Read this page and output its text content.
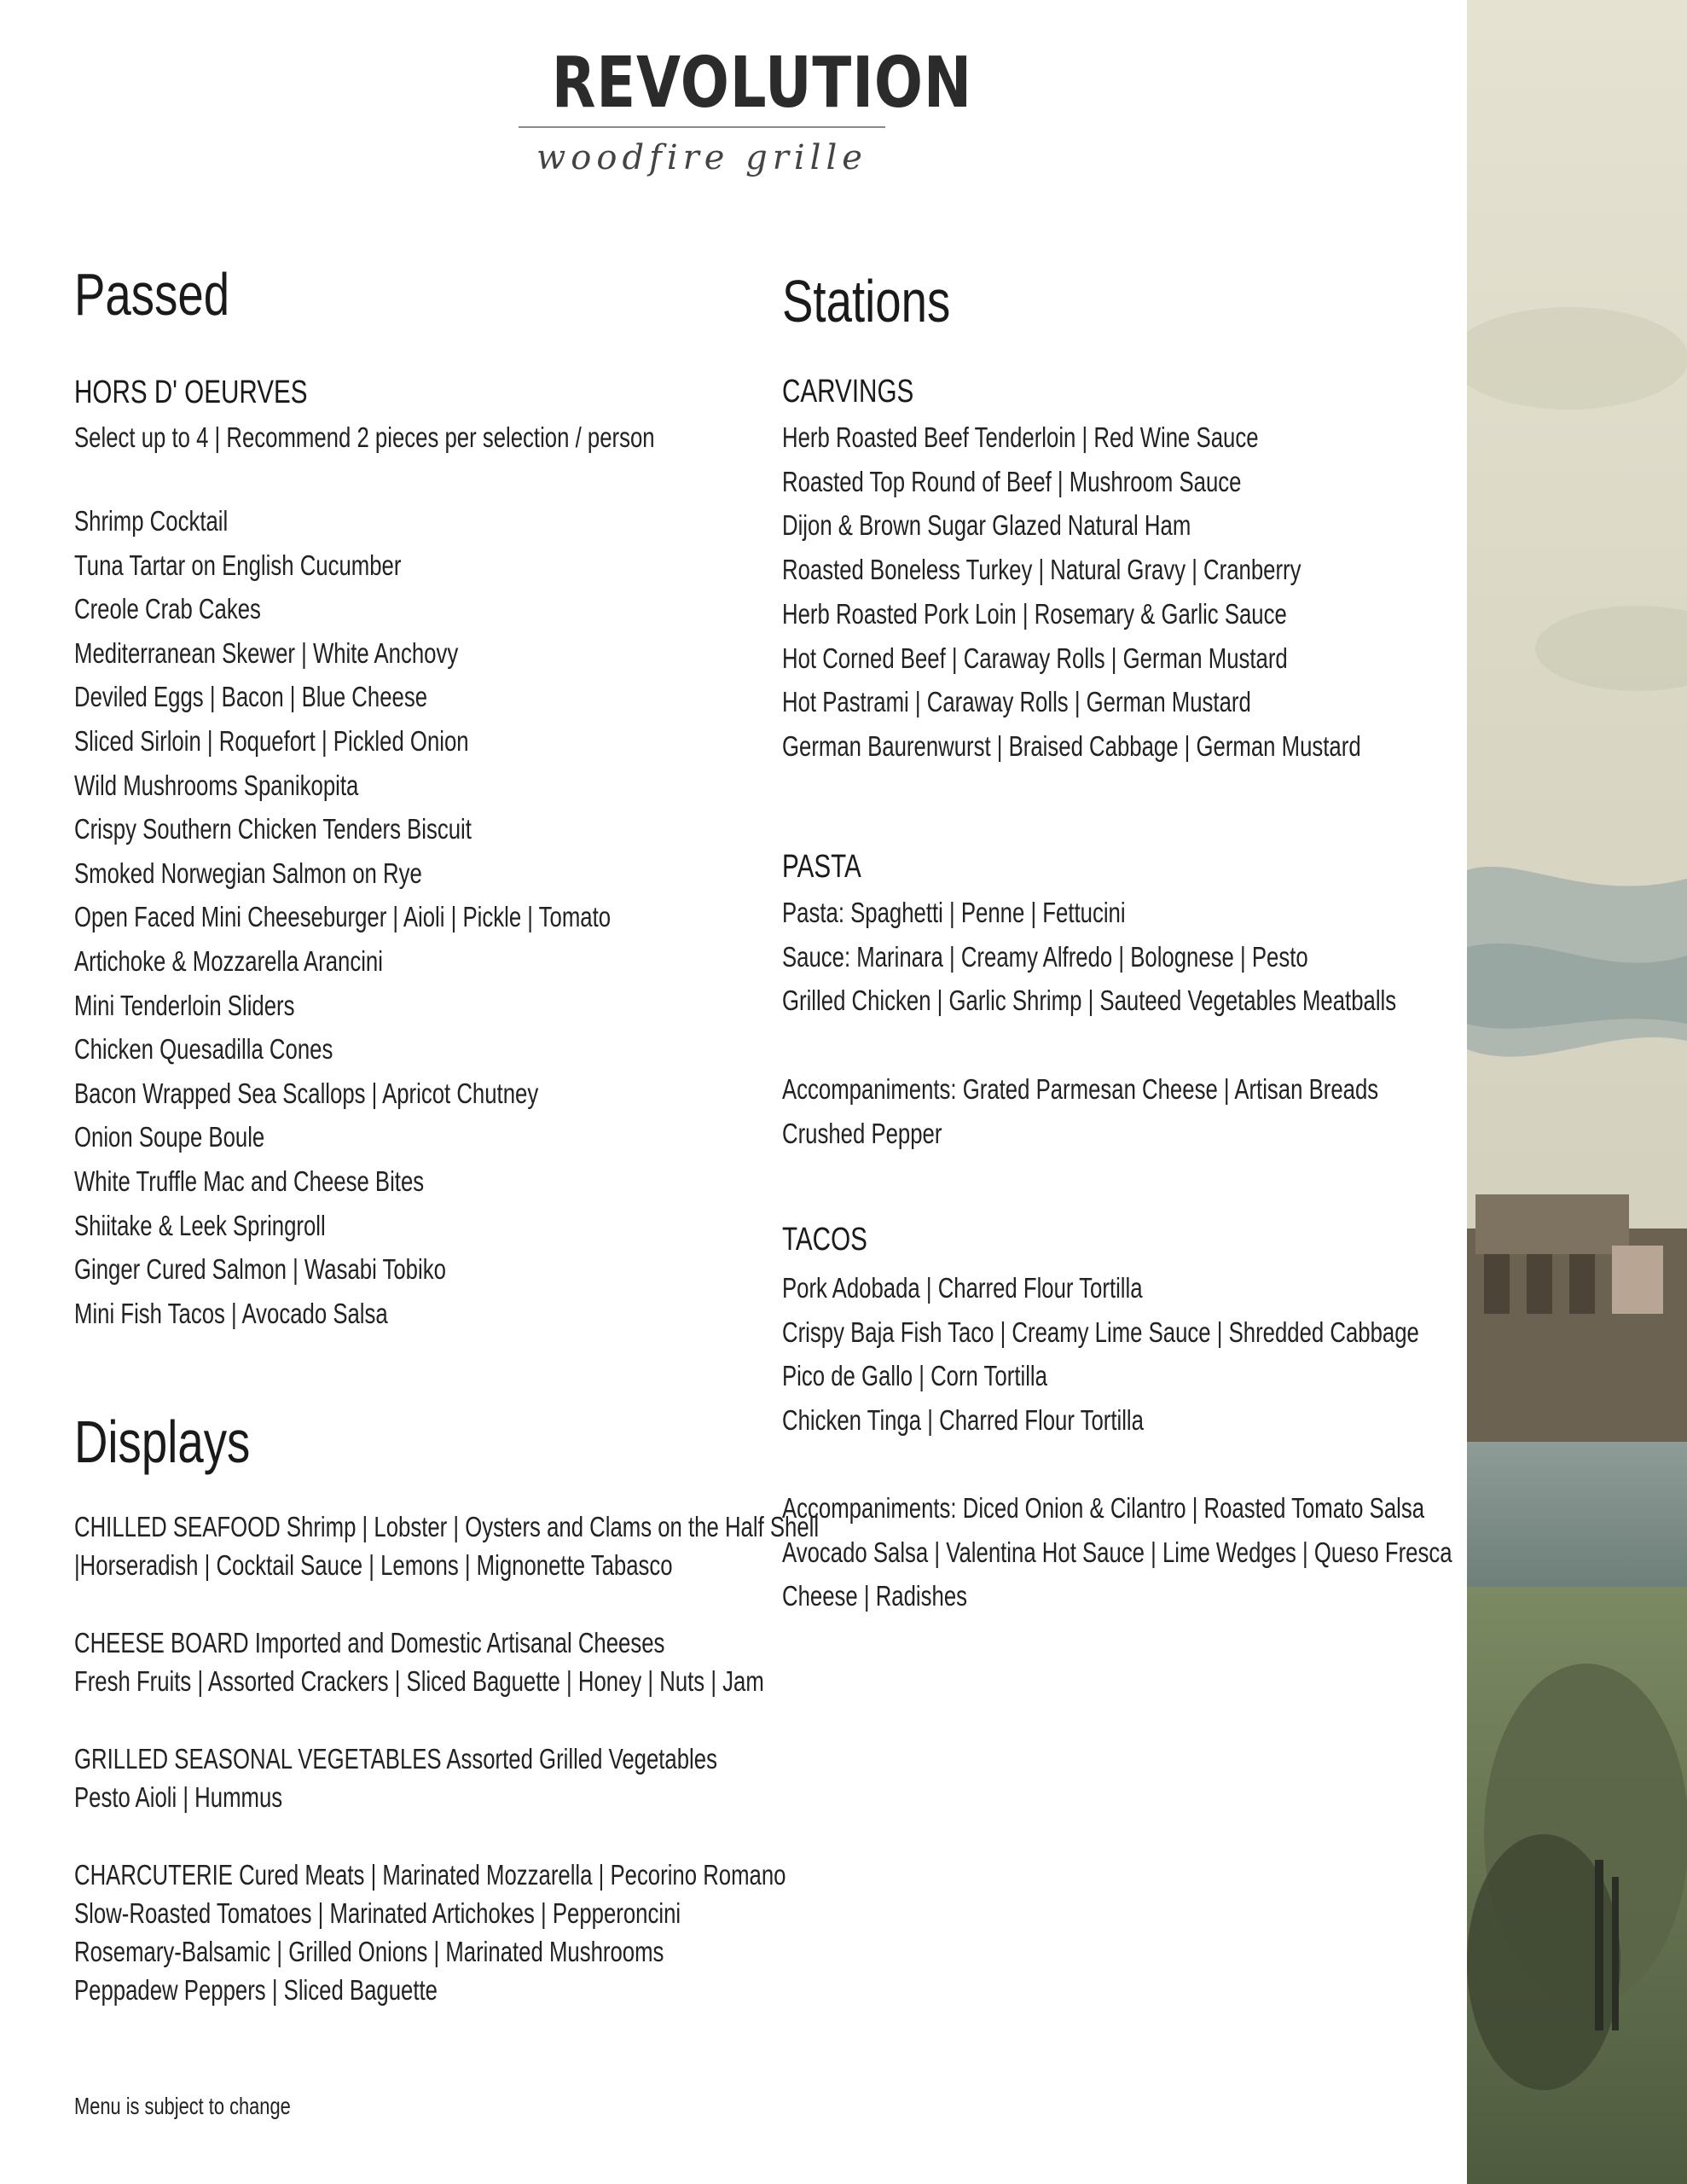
REVOLUTION
woodfire grille
Passed
HORS D' OEURVES
Select up to 4 | Recommend 2 pieces per selection / person
Shrimp Cocktail
Tuna Tartar on English Cucumber
Creole Crab Cakes
Mediterranean Skewer | White Anchovy
Deviled Eggs | Bacon | Blue Cheese
Sliced Sirloin | Roquefort | Pickled Onion
Wild Mushrooms Spanikopita
Crispy Southern Chicken Tenders Biscuit
Smoked Norwegian Salmon on Rye
Open Faced Mini Cheeseburger | Aioli | Pickle | Tomato
Artichoke & Mozzarella Arancini
Mini Tenderloin Sliders
Chicken Quesadilla Cones
Bacon Wrapped Sea Scallops | Apricot Chutney
Onion Soupe Boule
White Truffle Mac and Cheese Bites
Shiitake & Leek Springroll
Ginger Cured Salmon | Wasabi Tobiko
Mini Fish Tacos | Avocado Salsa
Displays
CHILLED SEAFOOD Shrimp | Lobster | Oysters and Clams on the Half Shell
|Horseradish | Cocktail Sauce | Lemons | Mignonette Tabasco
CHEESE BOARD Imported and Domestic Artisanal Cheeses
Fresh Fruits | Assorted Crackers | Sliced Baguette | Honey | Nuts | Jam
GRILLED SEASONAL VEGETABLES Assorted Grilled Vegetables
Pesto Aioli | Hummus
CHARCUTERIE Cured Meats | Marinated Mozzarella | Pecorino Romano
Slow-Roasted Tomatoes | Marinated Artichokes | Pepperoncini
Rosemary-Balsamic | Grilled Onions | Marinated Mushrooms
Peppadew Peppers | Sliced Baguette
Menu is subject to change
Stations
CARVINGS
Herb Roasted Beef Tenderloin | Red Wine Sauce
Roasted Top Round of Beef | Mushroom Sauce
Dijon & Brown Sugar Glazed Natural Ham
Roasted Boneless Turkey | Natural Gravy | Cranberry
Herb Roasted Pork Loin | Rosemary & Garlic Sauce
Hot Corned Beef | Caraway Rolls | German Mustard
Hot Pastrami | Caraway Rolls | German Mustard
German Baurenwurst | Braised Cabbage | German Mustard
PASTA
Pasta: Spaghetti | Penne | Fettucini
Sauce: Marinara | Creamy Alfredo | Bolognese | Pesto
Grilled Chicken | Garlic Shrimp | Sauteed Vegetables Meatballs
Accompaniments: Grated Parmesan Cheese | Artisan Breads
Crushed Pepper
TACOS
Pork Adobada | Charred Flour Tortilla
Crispy Baja Fish Taco | Creamy Lime Sauce | Shredded Cabbage
Pico de Gallo | Corn Tortilla
Chicken Tinga | Charred Flour Tortilla
Accompaniments: Diced Onion & Cilantro | Roasted Tomato Salsa
Avocado Salsa | Valentina Hot Sauce | Lime Wedges | Queso Fresca
Cheese | Radishes
